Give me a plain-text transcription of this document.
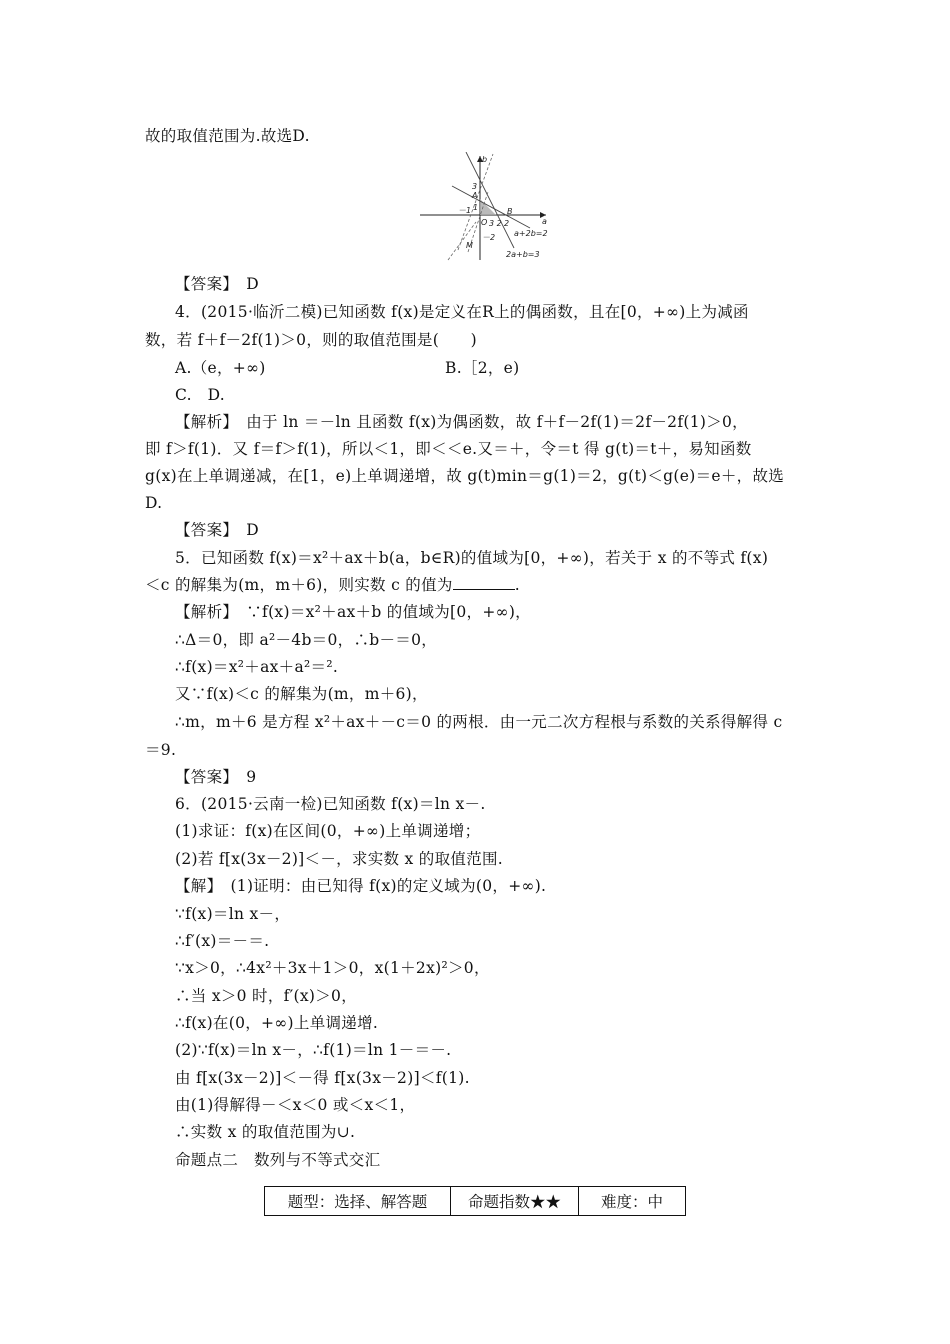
故的取值范围为.故选D.
b
a
3
A
1
－1
O
B
3 2 2
－2
M
a+2b=2
2a+b=3
【答案】　D
4．(2015·临沂二模)已知函数 f(x)是定义在R上的偶函数，且在[0，+∞)上为减函
数，若 f＋f－2f(1)＞0，则的取值范围是(　　)
A.（e，+∞)	B.［2，e)
C.　D.
【解析】　由于 ln ＝－ln 且函数 f(x)为偶函数，故 f＋f－2f(1)＝2f－2f(1)＞0，
即 f＞f(1)．又 f＝f＞f(1)，所以＜1，即＜＜e.又＝＋，令＝t 得 g(t)＝t＋，易知函数
g(x)在上单调递减，在[1，e)上单调递增，故 g(t)min＝g(1)＝2，g(t)＜g(e)＝e＋，故选
D.
【答案】　D
5．已知函数 f(x)＝x²＋ax＋b(a，b∈R)的值域为[0，+∞)，若关于 x 的不等式 f(x)
＜c 的解集为(m，m＋6)，则实数 c 的值为	.
【解析】　∵f(x)＝x²＋ax＋b 的值域为[0，+∞)，
∴Δ＝0，即 a²－4b＝0，∴b－＝0，
∴f(x)＝x²＋ax＋a²＝².
又∵f(x)＜c 的解集为(m，m＋6)，
∴m，m＋6 是方程 x²＋ax＋－c＝0 的两根．由一元二次方程根与系数的关系得解得 c
＝9.
【答案】　9
6．(2015·云南一检)已知函数 f(x)＝ln x－.
(1)求证：f(x)在区间(0，+∞)上单调递增；
(2)若 f[x(3x－2)]＜－，求实数 x 的取值范围.
【解】　(1)证明：由已知得 f(x)的定义域为(0，+∞).
∵f(x)＝ln x－，
∴f′(x)＝－＝.
∵x＞0，∴4x²＋3x＋1＞0，x(1＋2x)²＞0，
∴当 x＞0 时，f′(x)＞0，
∴f(x)在(0，+∞)上单调递增.
(2)∵f(x)＝ln x－，∴f(1)＝ln 1－＝－.
由 f[x(3x－2)]＜－得 f[x(3x－2)]＜f(1).
由(1)得解得－＜x＜0 或＜x＜1，
∴实数 x 的取值范围为∪.
命题点二　数列与不等式交汇
题型：选择、解答题	命题指数★★	难度：中
